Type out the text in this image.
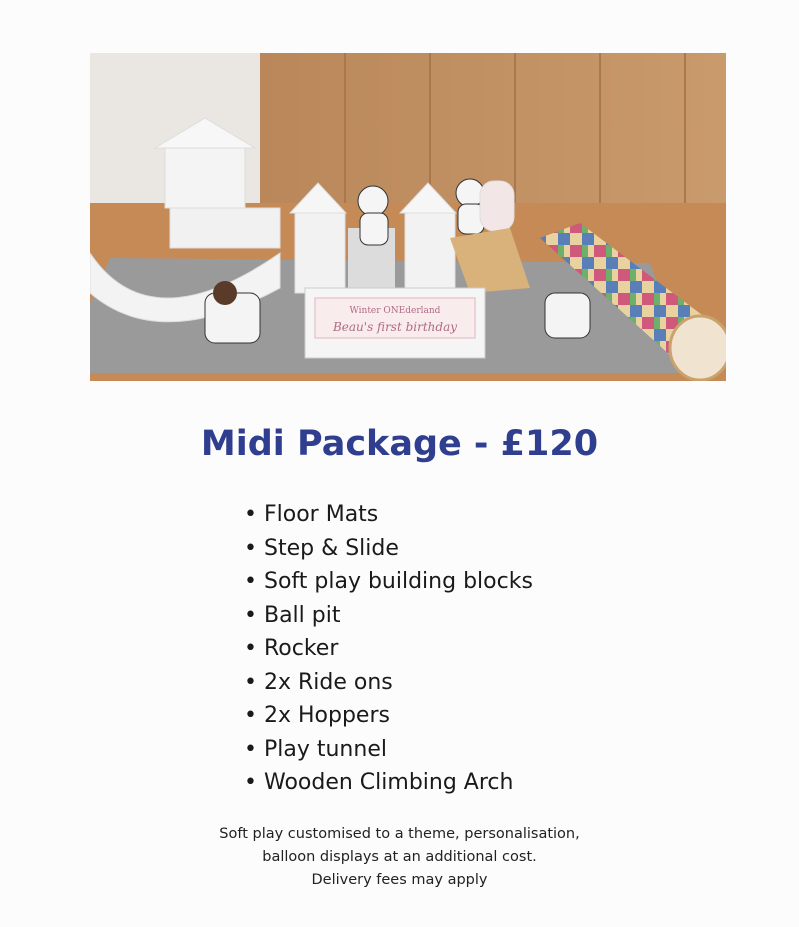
Winter ONEderland
Beau's first birthday
Midi Package - £120
• Floor Mats
• Step & Slide
• Soft play building blocks
• Ball pit
• Rocker
• 2x Ride ons
• 2x Hoppers
• Play tunnel
• Wooden Climbing Arch
Soft play customised to a theme, personalisation,
balloon displays at an additional cost.
Delivery fees may apply
